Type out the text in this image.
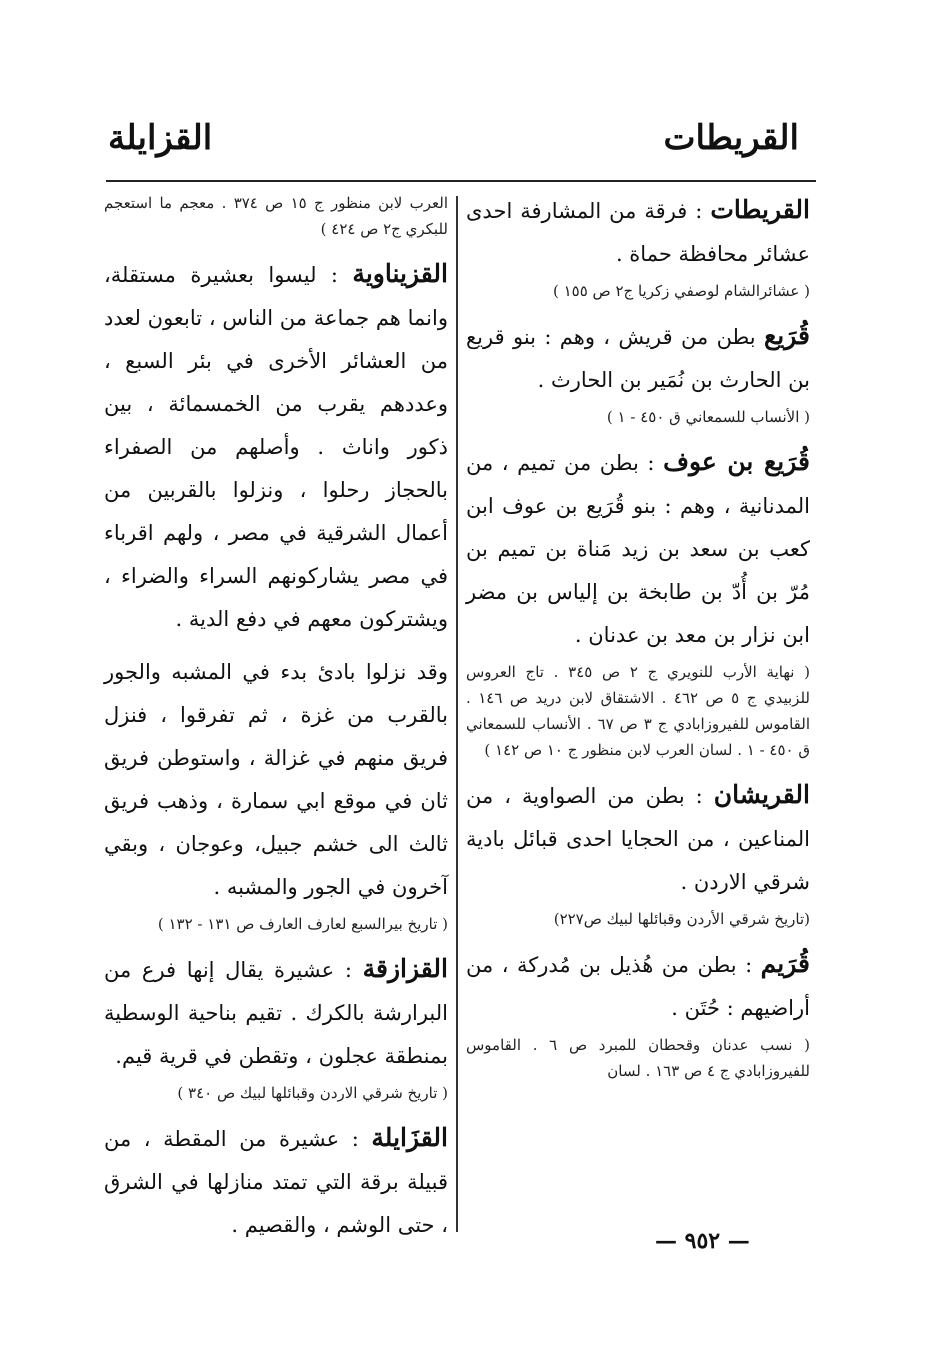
القريطات
القزايلة

القريطات : فرقة من المشارفة احدى عشائر محافظة حماة .

( عشائرالشام لوصفي زكريا ج٢ ص ١٥٥ )

قُرَيع بطن من قريش ، وهم : بنو قريع بن الحارث بن نُمَير بن الحارث .

( الأنساب للسمعاني ق ٤٥٠ - ١ )

قُرَيع بن عوف : بطن من تميم ، من المدنانية ، وهم : بنو قُرَيع بن عوف ابن كعب بن سعد بن زيد مَناة بن تميم بن مُرّ بن أُدّ بن طابخة بن إلياس بن مضر ابن نزار بن معد بن عدنان .

( نهاية الأرب للنويري ج ٢ ص ٣٤٥ . تاج العروس للزبيدي ج ٥ ص ٤٦٢ . الاشتقاق لابن دريد ص ١٤٦ . القاموس للفيروزابادي ج ٣ ص ٦٧ . الأنساب للسمعاني ق ٤٥٠ - ١ . لسان العرب لابن منظور ج ١٠ ص ١٤٢ )

القريشان : بطن من الصواوية ، من المناعين ، من الحجايا احدى قبائل بادية شرقي الاردن .

(تاريخ شرقي الأردن وقبائلها لبيك ص٢٢٧)

قُرَيم : بطن من هُذيل بن مُدركة ، من أراضيهم : حُتَن .

( نسب عدنان وقحطان للمبرد ص ٦ . القاموس للفيروزابادي ج ٤ ص ١٦٣ . لسان

العرب لابن منظور ج ١٥ ص ٣٧٤ . معجم ما استعجم للبكري ج٢ ص ٤٢٤ )

القزيناوية : ليسوا بعشيرة مستقلة، وانما هم جماعة من الناس ، تابعون لعدد من العشائر الأخرى في بئر السبع ، وعددهم يقرب من الخمسمائة ، بين ذكور واناث . وأصلهم من الصفراء بالحجاز رحلوا ، ونزلوا بالقربين من أعمال الشرقية في مصر ، ولهم اقرباء في مصر يشاركونهم السراء والضراء ، ويشتركون معهم في دفع الدية .

وقد نزلوا بادئ بدء في المشبه والجور بالقرب من غزة ، ثم تفرقوا ، فنزل فريق منهم في غزالة ، واستوطن فريق ثان في موقع ابي سمارة ، وذهب فريق ثالث الى خشم جبيل، وعوجان ، وبقي آخرون في الجور والمشبه .

( تاريخ بيرالسبع لعارف العارف ص ١٣١ - ١٣٢ )

القزازقة : عشيرة يقال إنها فرع من البرارشة بالكرك . تقيم بناحية الوسطية بمنطقة عجلون ، وتقطن في قرية قيم.

( تاريخ شرقي الاردن وقبائلها لبيك ص ٣٤٠ )

القزَايلة : عشيرة من المقطة ، من قبيلة برقة التي تمتد منازلها في الشرق ، حتى الوشم ، والقصيم .

— ٩٥٢ —
